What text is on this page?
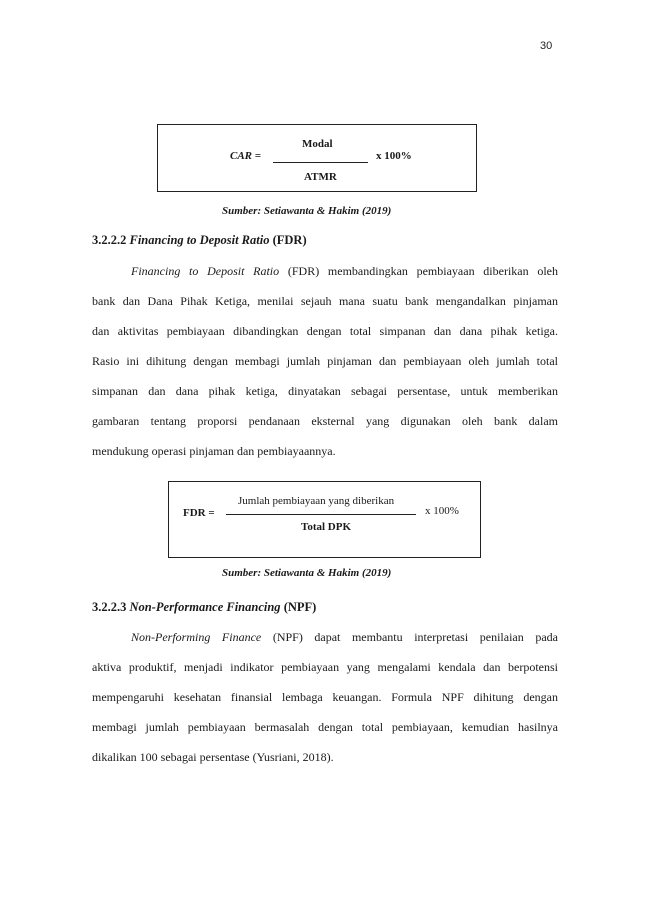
30
Modal
CAR =	x 100%
ATMR
Sumber: Setiawanta & Hakim (2019)
3.2.2.2 Financing to Deposit Ratio (FDR)
Financing to Deposit Ratio (FDR) membandingkan pembiayaan diberikan oleh
bank dan Dana Pihak Ketiga, menilai sejauh mana suatu bank mengandalkan pinjaman
dan aktivitas pembiayaan dibandingkan dengan total simpanan dan dana pihak ketiga.
Rasio ini dihitung dengan membagi jumlah pinjaman dan pembiayaan oleh jumlah total
simpanan dan dana pihak ketiga, dinyatakan sebagai persentase, untuk memberikan
gambaran tentang proporsi pendanaan eksternal yang digunakan oleh bank dalam
mendukung operasi pinjaman dan pembiayaannya.
Jumlah pembiayaan yang diberikan
FDR =	x 100%
Total DPK
Sumber: Setiawanta & Hakim (2019)
3.2.2.3 Non-Performance Financing (NPF)
Non-Performing Finance (NPF) dapat membantu interpretasi penilaian pada
aktiva produktif, menjadi indikator pembiayaan yang mengalami kendala dan berpotensi
mempengaruhi kesehatan finansial lembaga keuangan. Formula NPF dihitung dengan
membagi jumlah pembiayaan bermasalah dengan total pembiayaan, kemudian hasilnya
dikalikan 100 sebagai persentase (Yusriani, 2018).
